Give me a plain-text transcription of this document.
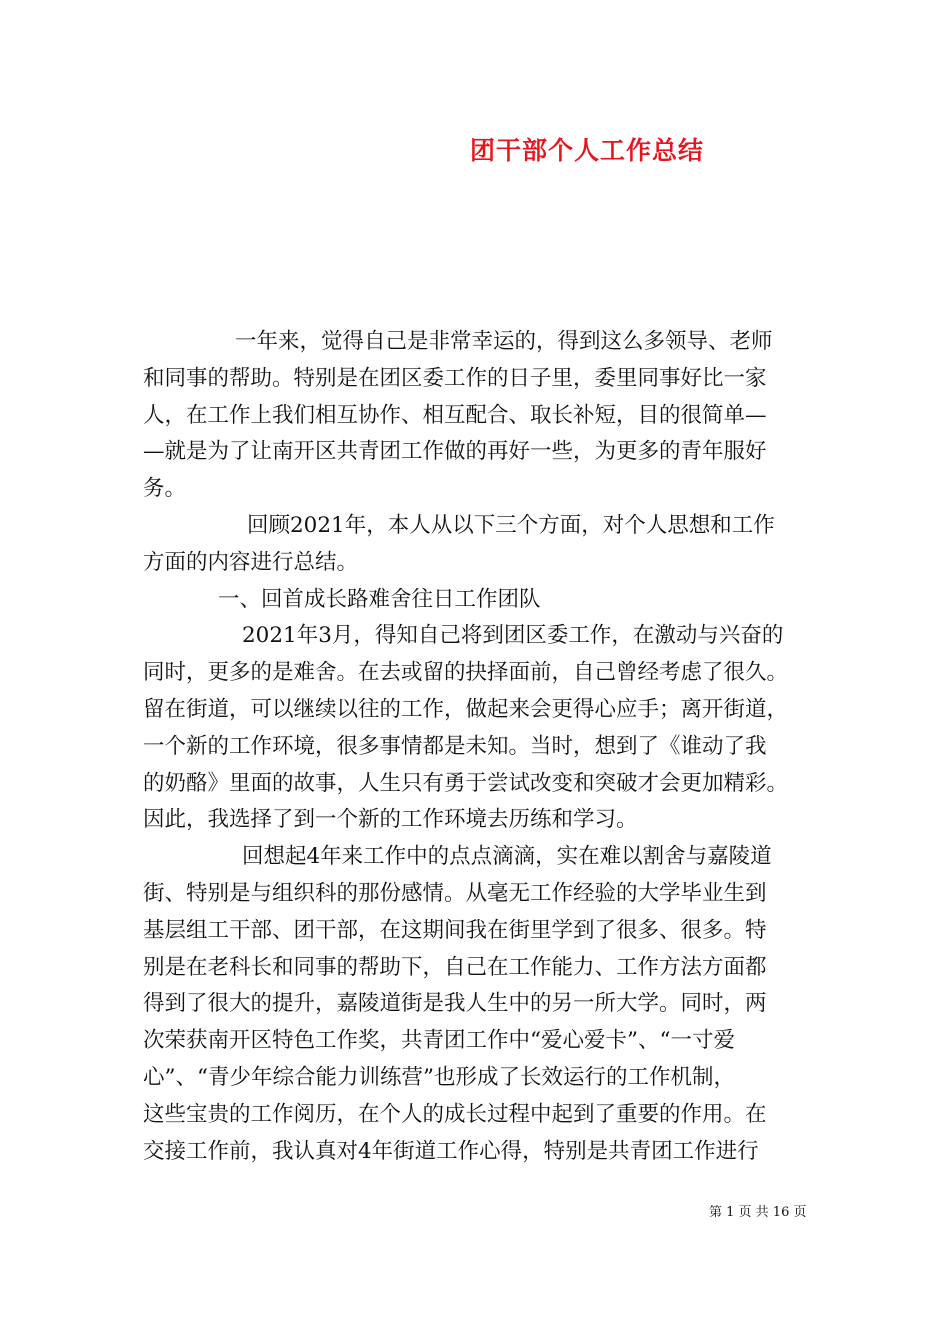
团干部个人工作总结
一年来，觉得自己是非常幸运的，得到这么多领导、老师
和同事的帮助。特别是在团区委工作的日子里，委里同事好比一家
人，在工作上我们相互协作、相互配合、取长补短，目的很简单—
—就是为了让南开区共青团工作做的再好一些，为更多的青年服好
务。
回顾2021年，本人从以下三个方面，对个人思想和工作
方面的内容进行总结。
一、回首成长路难舍往日工作团队
2021年3月，得知自己将到团区委工作，在激动与兴奋的
同时，更多的是难舍。在去或留的抉择面前，自己曾经考虑了很久。
留在街道，可以继续以往的工作，做起来会更得心应手；离开街道，
一个新的工作环境，很多事情都是未知。当时，想到了《谁动了我
的奶酪》里面的故事，人生只有勇于尝试改变和突破才会更加精彩。
因此，我选择了到一个新的工作环境去历练和学习。
回想起4年来工作中的点点滴滴，实在难以割舍与嘉陵道
街、特别是与组织科的那份感情。从毫无工作经验的大学毕业生到
基层组工干部、团干部，在这期间我在街里学到了很多、很多。特
别是在老科长和同事的帮助下，自己在工作能力、工作方法方面都
得到了很大的提升，嘉陵道街是我人生中的另一所大学。同时，两
次荣获南开区特色工作奖，共青团工作中“爱心爱卡”、“一寸爱
心”、“青少年综合能力训练营”也形成了长效运行的工作机制，
这些宝贵的工作阅历，在个人的成长过程中起到了重要的作用。在
交接工作前，我认真对4年街道工作心得，特别是共青团工作进行
第 1 页 共 16 页
